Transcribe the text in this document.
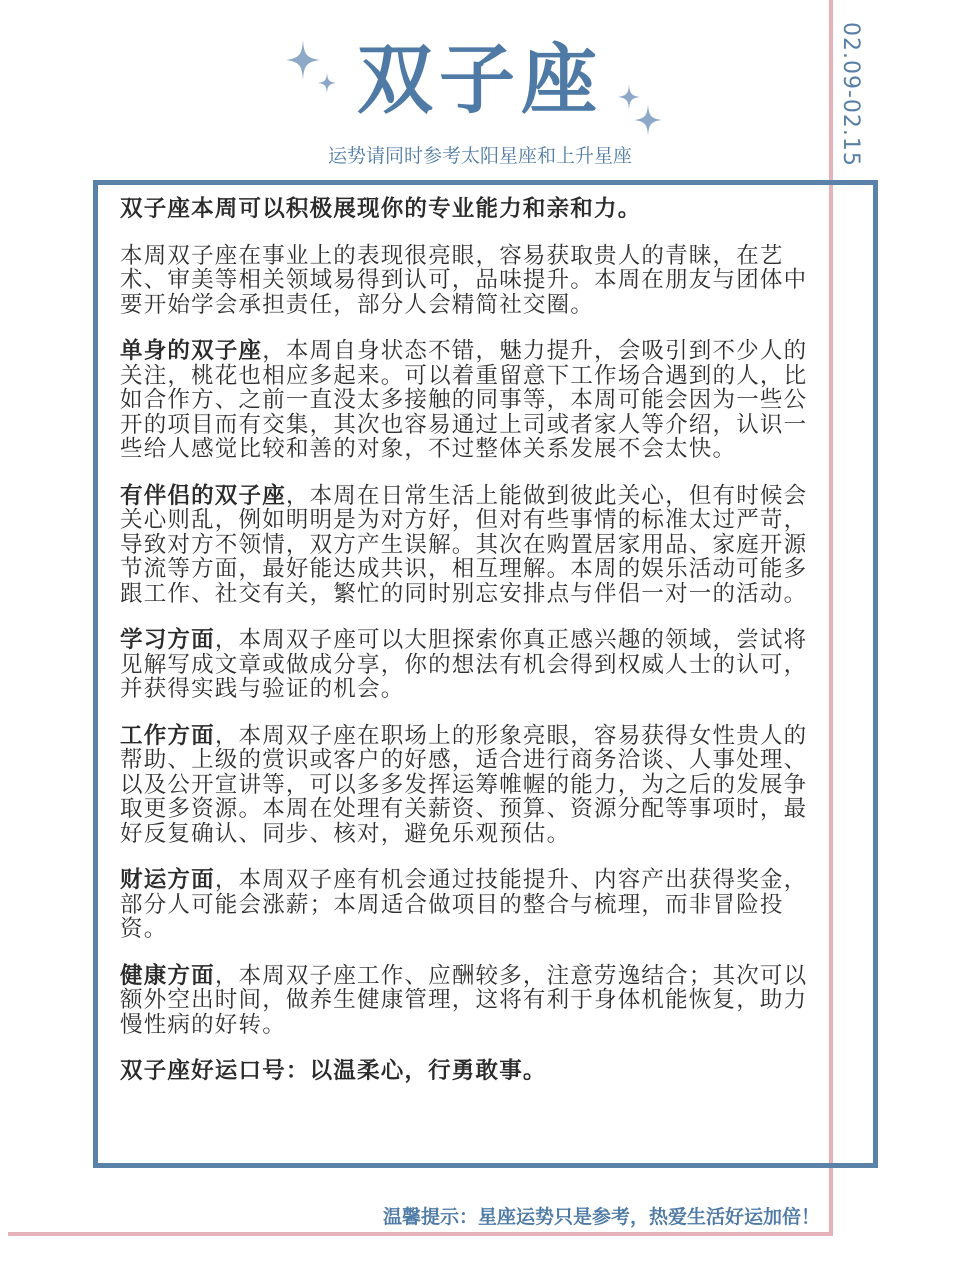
02.09-02.15
双子座
运势请同时参考太阳星座和上升星座

双子座本周可以积极展现你的专业能力和亲和力。

本周双子座在事业上的表现很亮眼，容易获取贵人的青睐，在艺术、审美等相关领域易得到认可，品味提升。本周在朋友与团体中要开始学会承担责任，部分人会精简社交圈。

单身的双子座，本周自身状态不错，魅力提升，会吸引到不少人的关注，桃花也相应多起来。可以着重留意下工作场合遇到的人，比如合作方、之前一直没太多接触的同事等，本周可能会因为一些公开的项目而有交集，其次也容易通过上司或者家人等介绍，认识一些给人感觉比较和善的对象，不过整体关系发展不会太快。

有伴侣的双子座，本周在日常生活上能做到彼此关心，但有时候会关心则乱，例如明明是为对方好，但对有些事情的标准太过严苛，导致对方不领情，双方产生误解。其次在购置居家用品、家庭开源节流等方面，最好能达成共识，相互理解。本周的娱乐活动可能多跟工作、社交有关，繁忙的同时别忘安排点与伴侣一对一的活动。

学习方面，本周双子座可以大胆探索你真正感兴趣的领域，尝试将见解写成文章或做成分享，你的想法有机会得到权威人士的认可，并获得实践与验证的机会。

工作方面，本周双子座在职场上的形象亮眼，容易获得女性贵人的帮助、上级的赏识或客户的好感，适合进行商务洽谈、人事处理、以及公开宣讲等，可以多多发挥运筹帷幄的能力，为之后的发展争取更多资源。本周在处理有关薪资、预算、资源分配等事项时，最好反复确认、同步、核对，避免乐观预估。

财运方面，本周双子座有机会通过技能提升、内容产出获得奖金，部分人可能会涨薪；本周适合做项目的整合与梳理，而非冒险投资。

健康方面，本周双子座工作、应酬较多，注意劳逸结合；其次可以额外空出时间，做养生健康管理，这将有利于身体机能恢复，助力慢性病的好转。

双子座好运口号：以温柔心，行勇敢事。

温馨提示：星座运势只是参考，热爱生活好运加倍！
